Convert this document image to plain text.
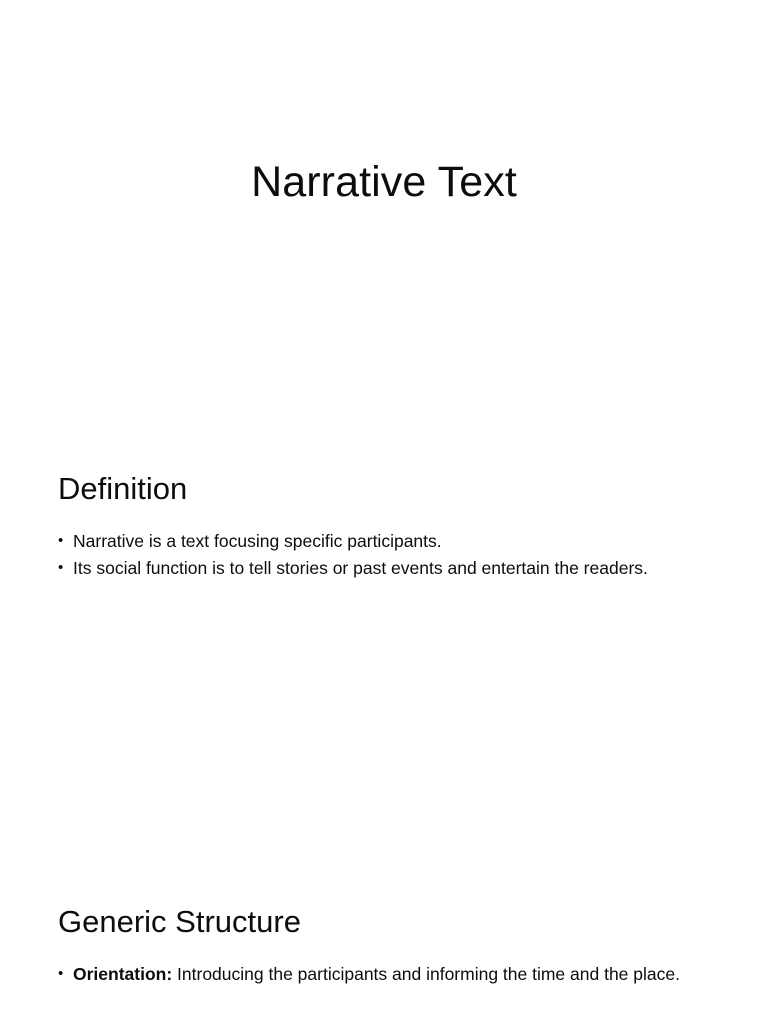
Narrative Text
Definition
• Narrative is a text focusing specific participants.
• Its social function is to tell stories or past events and entertain the readers.
Generic Structure
• Orientation: Introducing the participants and informing the time and the place.
